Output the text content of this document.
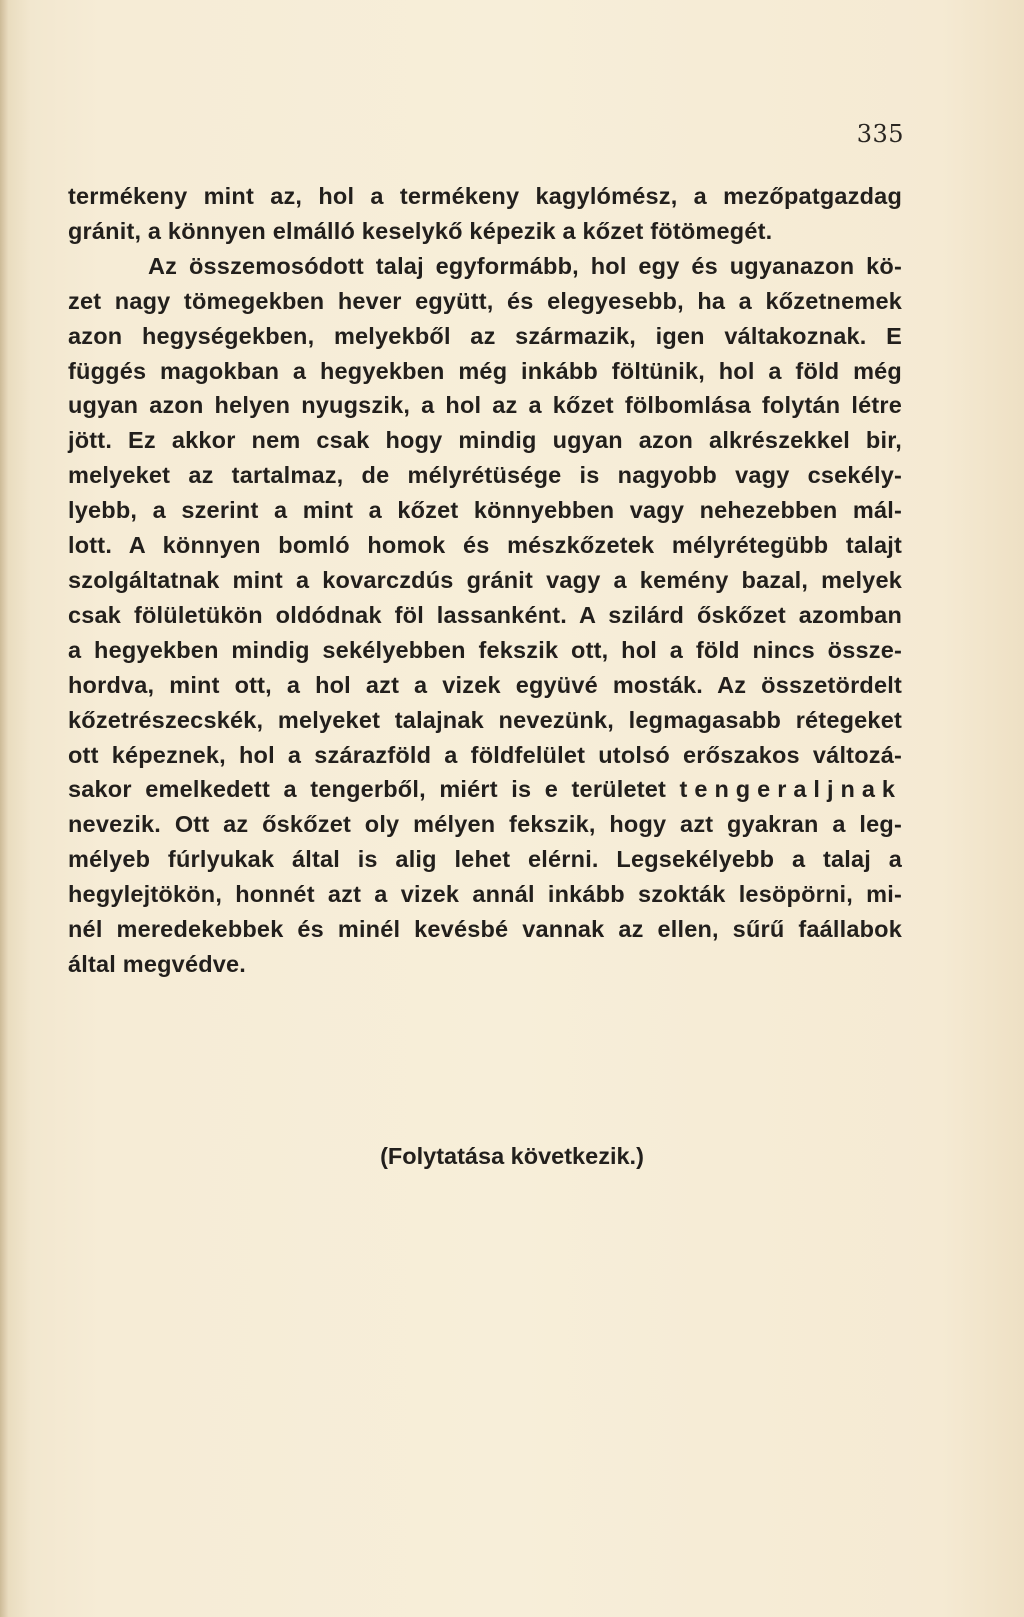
335
termékeny mint az, hol a termékeny kagylómész, a mezőpatgazdag
gránit, a könnyen elmálló keselykő képezik a kőzet fötömegét.
Az összemosódott talaj egyformább, hol egy és ugyanazon kö-
zet nagy tömegekben hever együtt, és elegyesebb, ha a kőzetnemek
azon hegységekben, melyekből az származik, igen váltakoznak. E
függés magokban a hegyekben még inkább föltünik, hol a föld még
ugyan azon helyen nyugszik, a hol az a kőzet fölbomlása folytán létre
jött. Ez akkor nem csak hogy mindig ugyan azon alkrészekkel bir,
melyeket az tartalmaz, de mélyrétüsége is nagyobb vagy csekély-
lyebb, a szerint a mint a kőzet könnyebben vagy nehezebben mál-
lott. A könnyen bomló homok és mészkőzetek mélyrétegübb talajt
szolgáltatnak mint a kovarczdús gránit vagy a kemény bazal, melyek
csak fölületükön oldódnak föl lassanként. A szilárd őskőzet azomban
a hegyekben mindig sekélyebben fekszik ott, hol a föld nincs össze-
hordva, mint ott, a hol azt a vizek együvé mosták. Az összetördelt
kőzetrészecskék, melyeket talajnak nevezünk, legmagasabb rétegeket
ott képeznek, hol a szárazföld a földfelület utolsó erőszakos változá-
sakor emelkedett a tengerből, miért is e területet tengeraljnak
nevezik. Ott az őskőzet oly mélyen fekszik, hogy azt gyakran a leg-
mélyeb fúrlyukak által is alig lehet elérni. Legsekélyebb a talaj a
hegylejtökön, honnét azt a vizek annál inkább szokták lesöpörni, mi-
nél meredekebbek és minél kevésbé vannak az ellen, sűrű faállabok
által megvédve.
(Folytatása következik.)
